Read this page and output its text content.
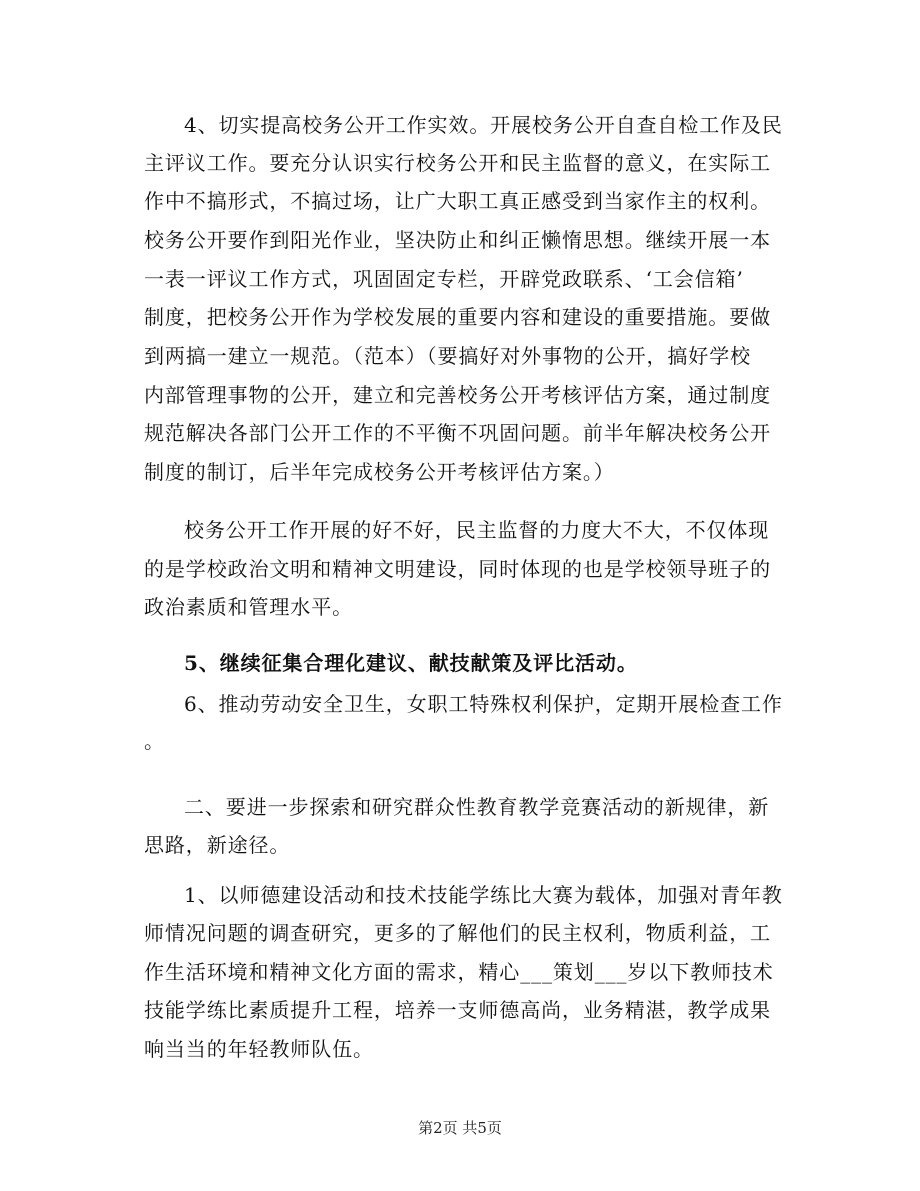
4、切实提高校务公开工作实效。开展校务公开自查自检工作及民
主评议工作。要充分认识实行校务公开和民主监督的意义，在实际工
作中不搞形式，不搞过场，让广大职工真正感受到当家作主的权利。
校务公开要作到阳光作业，坚决防止和纠正懒惰思想。继续开展一本
一表一评议工作方式，巩固固定专栏，开辟党政联系、‘工会信箱’
制度，把校务公开作为学校发展的重要内容和建设的重要措施。要做
到两搞一建立一规范。（范本）（要搞好对外事物的公开，搞好学校
内部管理事物的公开，建立和完善校务公开考核评估方案，通过制度
规范解决各部门公开工作的不平衡不巩固问题。前半年解决校务公开
制度的制订，后半年完成校务公开考核评估方案。）
校务公开工作开展的好不好，民主监督的力度大不大，不仅体现
的是学校政治文明和精神文明建设，同时体现的也是学校领导班子的
政治素质和管理水平。
5、继续征集合理化建议、献技献策及评比活动。
6、推动劳动安全卫生，女职工特殊权利保护，定期开展检查工作
。
二、要进一步探索和研究群众性教育教学竞赛活动的新规律，新
思路，新途径。
1、以师德建设活动和技术技能学练比大赛为载体，加强对青年教
师情况问题的调查研究，更多的了解他们的民主权利，物质利益，工
作生活环境和精神文化方面的需求，精心___策划___岁以下教师技术
技能学练比素质提升工程，培养一支师德高尚，业务精湛，教学成果
响当当的年轻教师队伍。
第2页 共5页
